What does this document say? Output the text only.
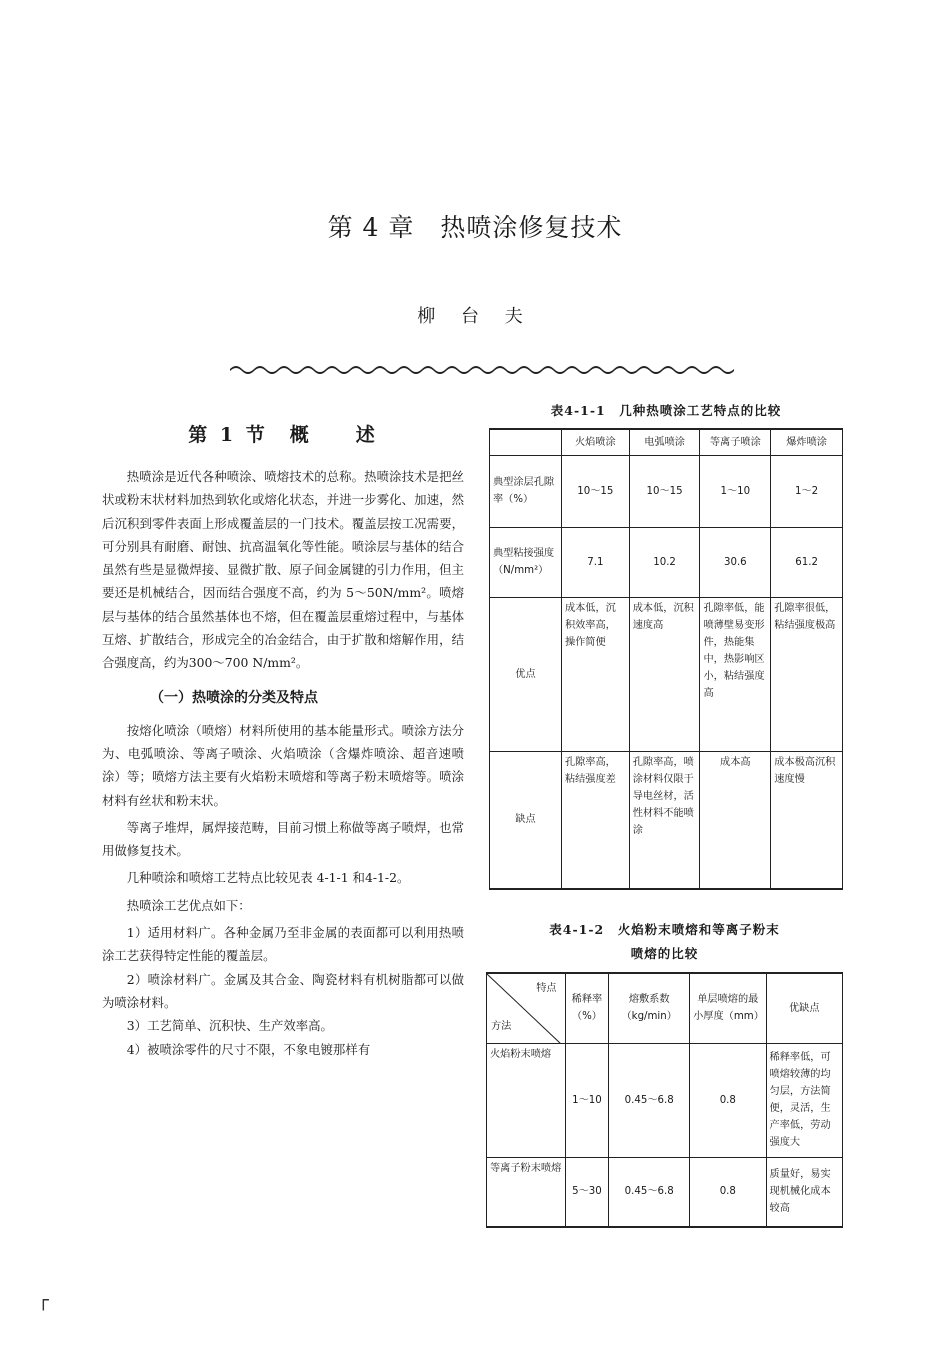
第 4 章　热喷涂修复技术
柳 台 夫
第 1 节　概　　述

热喷涂是近代各种喷涂、喷熔技术的总称。热喷涂技术是把丝状或粉末状材料加热到软化或熔化状态，并进一步雾化、加速，然后沉积到零件表面上形成覆盖层的一门技术。覆盖层按工况需要，可分别具有耐磨、耐蚀、抗高温氧化等性能。喷涂层与基体的结合虽然有些是显微焊接、显微扩散、原子间金属键的引力作用，但主要还是机械结合，因而结合强度不高，约为 5～50N/mm²。喷熔层与基体的结合虽然基体也不熔，但在覆盖层重熔过程中，与基体互熔、扩散结合，形成完全的冶金结合，由于扩散和熔解作用，结合强度高，约为300～700 N/mm²。

（一）热喷涂的分类及特点

按熔化喷涂（喷熔）材料所使用的基本能量形式。喷涂方法分为、电弧喷涂、等离子喷涂、火焰喷涂（含爆炸喷涂、超音速喷涂）等；喷熔方法主要有火焰粉末喷熔和等离子粉末喷熔等。喷涂材料有丝状和粉末状。

等离子堆焊，属焊接范畴，目前习惯上称做等离子喷焊，也常用做修复技术。

几种喷涂和喷熔工艺特点比较见表 4-1-1 和4-1-2。

热喷涂工艺优点如下：

1）适用材料广。各种金属乃至非金属的表面都可以利用热喷涂工艺获得特定性能的覆盖层。

2）喷涂材料广。金属及其合金、陶瓷材料有机树脂都可以做为喷涂材料。

3）工艺简单、沉积快、生产效率高。

4）被喷涂零件的尺寸不限，不象电镀那样有

表4-1-1　几种热喷涂工艺特点的比较
	火焰喷涂	电弧喷涂	等离子喷涂	爆炸喷涂
典型涂层孔隙率（%）	10～15	10～15	1～10	1～2
典型粘接强度（N/mm²）	7.1	10.2	30.6	61.2
优点	成本低，沉积效率高，操作简便	成本低，沉积速度高	孔隙率低，能喷薄壁易变形件，热能集中，热影响区小，粘结强度高	孔隙率很低，粘结强度极高
缺点	孔隙率高，粘结强度差	孔隙率高，喷涂材料仅限于导电丝材，活性材料不能喷涂	成本高	成本极高沉积速度慢
表4-1-2　火焰粉末喷熔和等离子粉末
喷熔的比较
特点
方法	稀释率（%）	熔敷系数（kg/min）	单层喷熔的最小厚度（mm）	优缺点
火焰粉末喷熔	1～10	0.45～6.8	0.8	稀释率低，可喷熔较薄的均匀层，方法简便，灵活，生产率低，劳动强度大
等离子粉末喷熔	5～30	0.45～6.8	0.8	质量好，易实现机械化成本较高
┌
